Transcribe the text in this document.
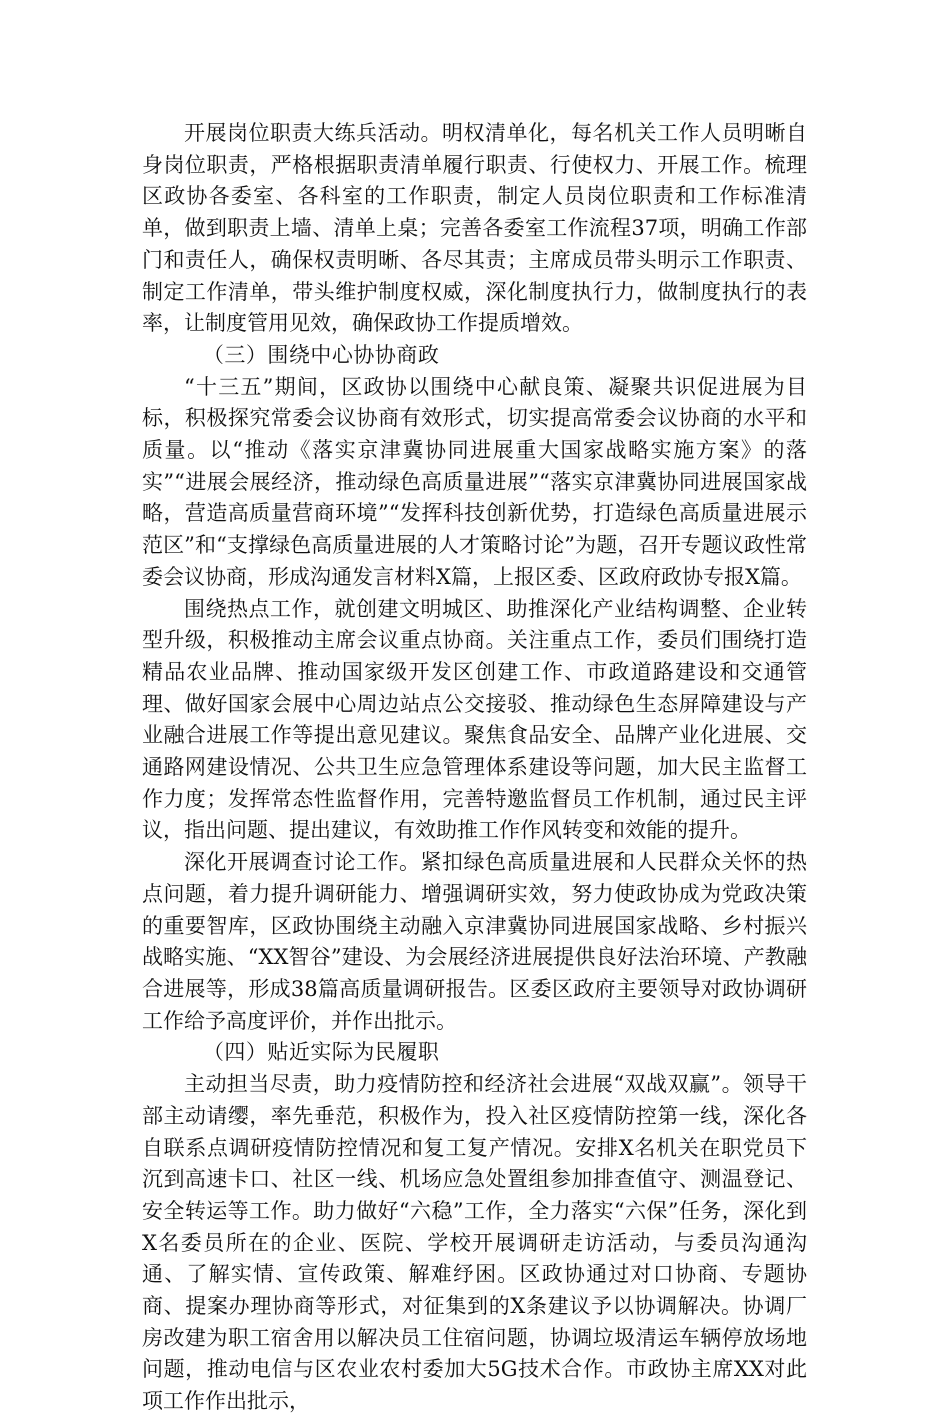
开展岗位职责大练兵活动。明权清单化，每名机关工作人员明晰自身岗位职责，严格根据职责清单履行职责、行使权力、开展工作。梳理区政协各委室、各科室的工作职责，制定人员岗位职责和工作标准清单，做到职责上墙、清单上桌；完善各委室工作流程37项，明确工作部门和责任人，确保权责明晰、各尽其责；主席成员带头明示工作职责、制定工作清单，带头维护制度权威，深化制度执行力，做制度执行的表率，让制度管用见效，确保政协工作提质增效。

（三）围绕中心协协商政

“十三五”期间，区政协以围绕中心献良策、凝聚共识促进展为目标，积极探究常委会议协商有效形式，切实提高常委会议协商的水平和质量。以“推动《落实京津冀协同进展重大国家战略实施方案》的落实”“进展会展经济，推动绿色高质量进展”“落实京津冀协同进展国家战略，营造高质量营商环境”“发挥科技创新优势，打造绿色高质量进展示范区”和“支撑绿色高质量进展的人才策略讨论”为题，召开专题议政性常委会议协商，形成沟通发言材料X篇，上报区委、区政府政协专报X篇。

围绕热点工作，就创建文明城区、助推深化产业结构调整、企业转型升级，积极推动主席会议重点协商。关注重点工作，委员们围绕打造精品农业品牌、推动国家级开发区创建工作、市政道路建设和交通管理、做好国家会展中心周边站点公交接驳、推动绿色生态屏障建设与产业融合进展工作等提出意见建议。聚焦食品安全、品牌产业化进展、交通路网建设情况、公共卫生应急管理体系建设等问题，加大民主监督工作力度；发挥常态性监督作用，完善特邀监督员工作机制，通过民主评议，指出问题、提出建议，有效助推工作作风转变和效能的提升。

深化开展调查讨论工作。紧扣绿色高质量进展和人民群众关怀的热点问题，着力提升调研能力、增强调研实效，努力使政协成为党政决策的重要智库，区政协围绕主动融入京津冀协同进展国家战略、乡村振兴战略实施、“XX智谷”建设、为会展经济进展提供良好法治环境、产教融合进展等，形成38篇高质量调研报告。区委区政府主要领导对政协调研工作给予高度评价，并作出批示。

（四）贴近实际为民履职

主动担当尽责，助力疫情防控和经济社会进展“双战双赢”。领导干部主动请缨，率先垂范，积极作为，投入社区疫情防控第一线，深化各自联系点调研疫情防控情况和复工复产情况。安排X名机关在职党员下沉到高速卡口、社区一线、机场应急处置组参加排查值守、测温登记、安全转运等工作。助力做好“六稳”工作，全力落实“六保”任务，深化到X名委员所在的企业、医院、学校开展调研走访活动，与委员沟通沟通、了解实情、宣传政策、解难纾困。区政协通过对口协商、专题协商、提案办理协商等形式，对征集到的X条建议予以协调解决。协调厂房改建为职工宿舍用以解决员工住宿问题，协调垃圾清运车辆停放场地问题，推动电信与区农业农村委加大5G技术合作。市政协主席XX对此项工作作出批示，
